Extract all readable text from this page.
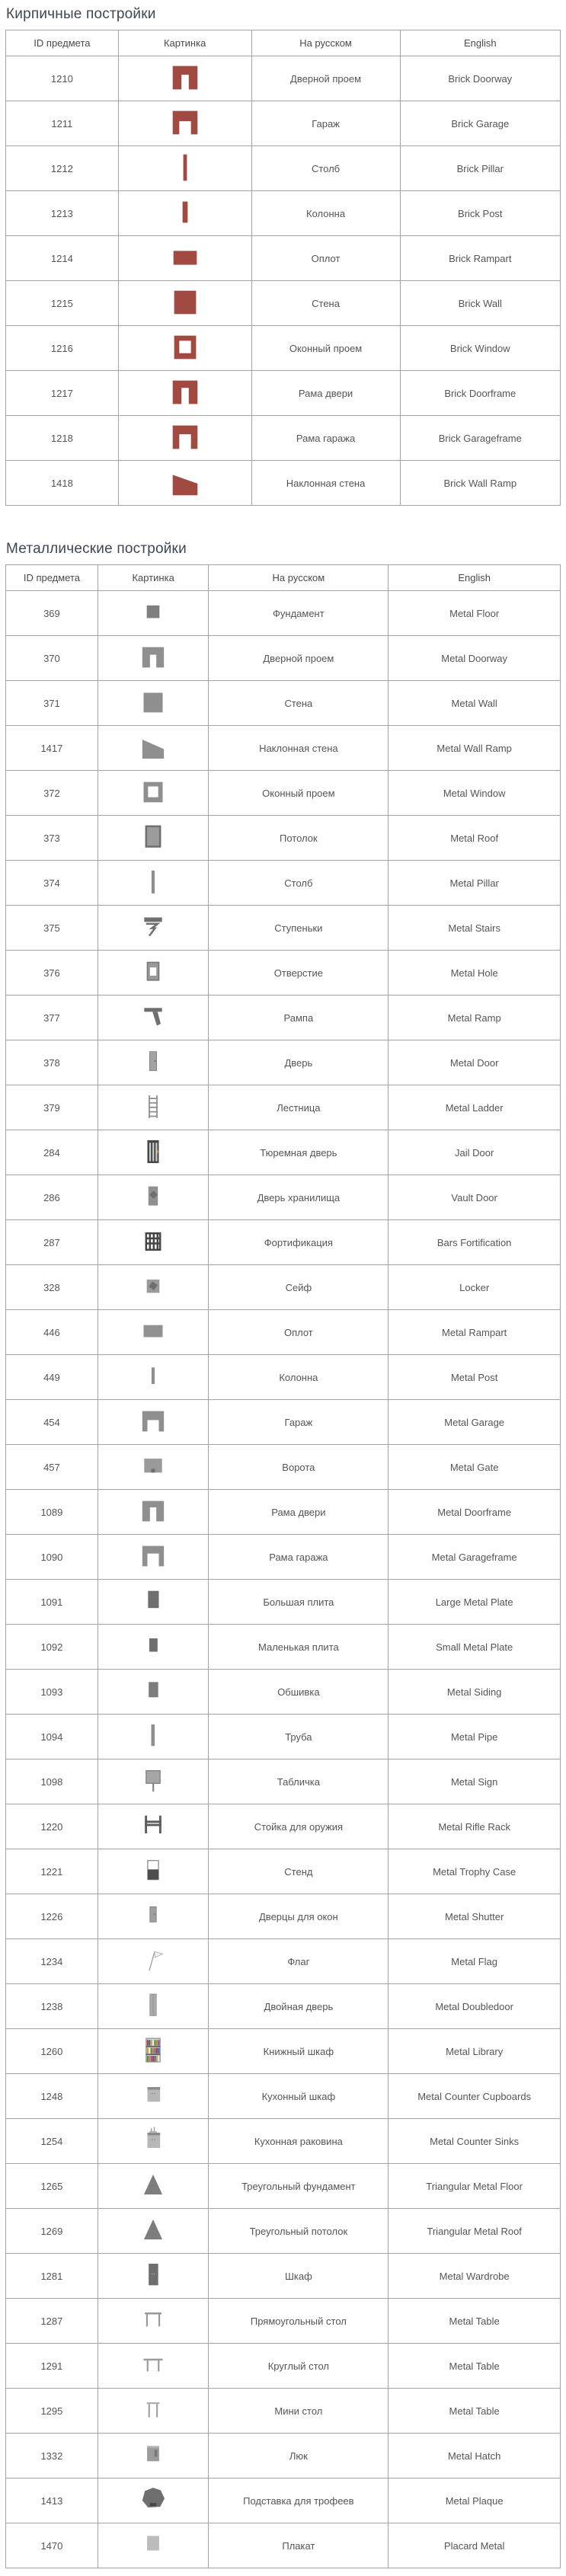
Кирпичные постройки
ID предмета	Картинка	На русском	English
1210		Дверной проем	Brick Doorway
1211		Гараж	Brick Garage
1212		Столб	Brick Pillar
1213		Колонна	Brick Post
1214		Оплот	Brick Rampart
1215		Стена	Brick Wall
1216		Оконный проем	Brick Window
1217		Рама двери	Brick Doorframe
1218		Рама гаража	Brick Garageframe
1418		Наклонная стена	Brick Wall Ramp
Металлические постройки
ID предмета	Картинка	На русском	English
369		Фундамент	Metal Floor
370		Дверной проем	Metal Doorway
371		Стена	Metal Wall
1417		Наклонная стена	Metal Wall Ramp
372		Оконный проем	Metal Window
373		Потолок	Metal Roof
374		Столб	Metal Pillar
375		Ступеньки	Metal Stairs
376		Отверстие	Metal Hole
377		Рампа	Metal Ramp
378		Дверь	Metal Door
379		Лестница	Metal Ladder
284		Тюремная дверь	Jail Door
286		Дверь хранилища	Vault Door
287		Фортификация	Bars Fortification
328		Сейф	Locker
446		Оплот	Metal Rampart
449		Колонна	Metal Post
454		Гараж	Metal Garage
457		Ворота	Metal Gate
1089		Рама двери	Metal Doorframe
1090		Рама гаража	Metal Garageframe
1091		Большая плита	Large Metal Plate
1092		Маленькая плита	Small Metal Plate
1093		Обшивка	Metal Siding
1094		Труба	Metal Pipe
1098		Табличка	Metal Sign
1220		Стойка для оружия	Metal Rifle Rack
1221		Стенд	Metal Trophy Case
1226		Дверцы для окон	Metal Shutter
1234		Флаг	Metal Flag
1238		Двойная дверь	Metal Doubledoor
1260		Книжный шкаф	Metal Library
1248		Кухонный шкаф	Metal Counter Cupboards
1254		Кухонная раковина	Metal Counter Sinks
1265		Треугольный фундамент	Triangular Metal Floor
1269		Треугольный потолок	Triangular Metal Roof
1281		Шкаф	Metal Wardrobe
1287		Прямоугольный стол	Metal Table
1291		Круглый стол	Metal Table
1295		Мини стол	Metal Table
1332		Люк	Metal Hatch
1413		Подставка для трофеев	Metal Plaque
1470		Плакат	Placard Metal
